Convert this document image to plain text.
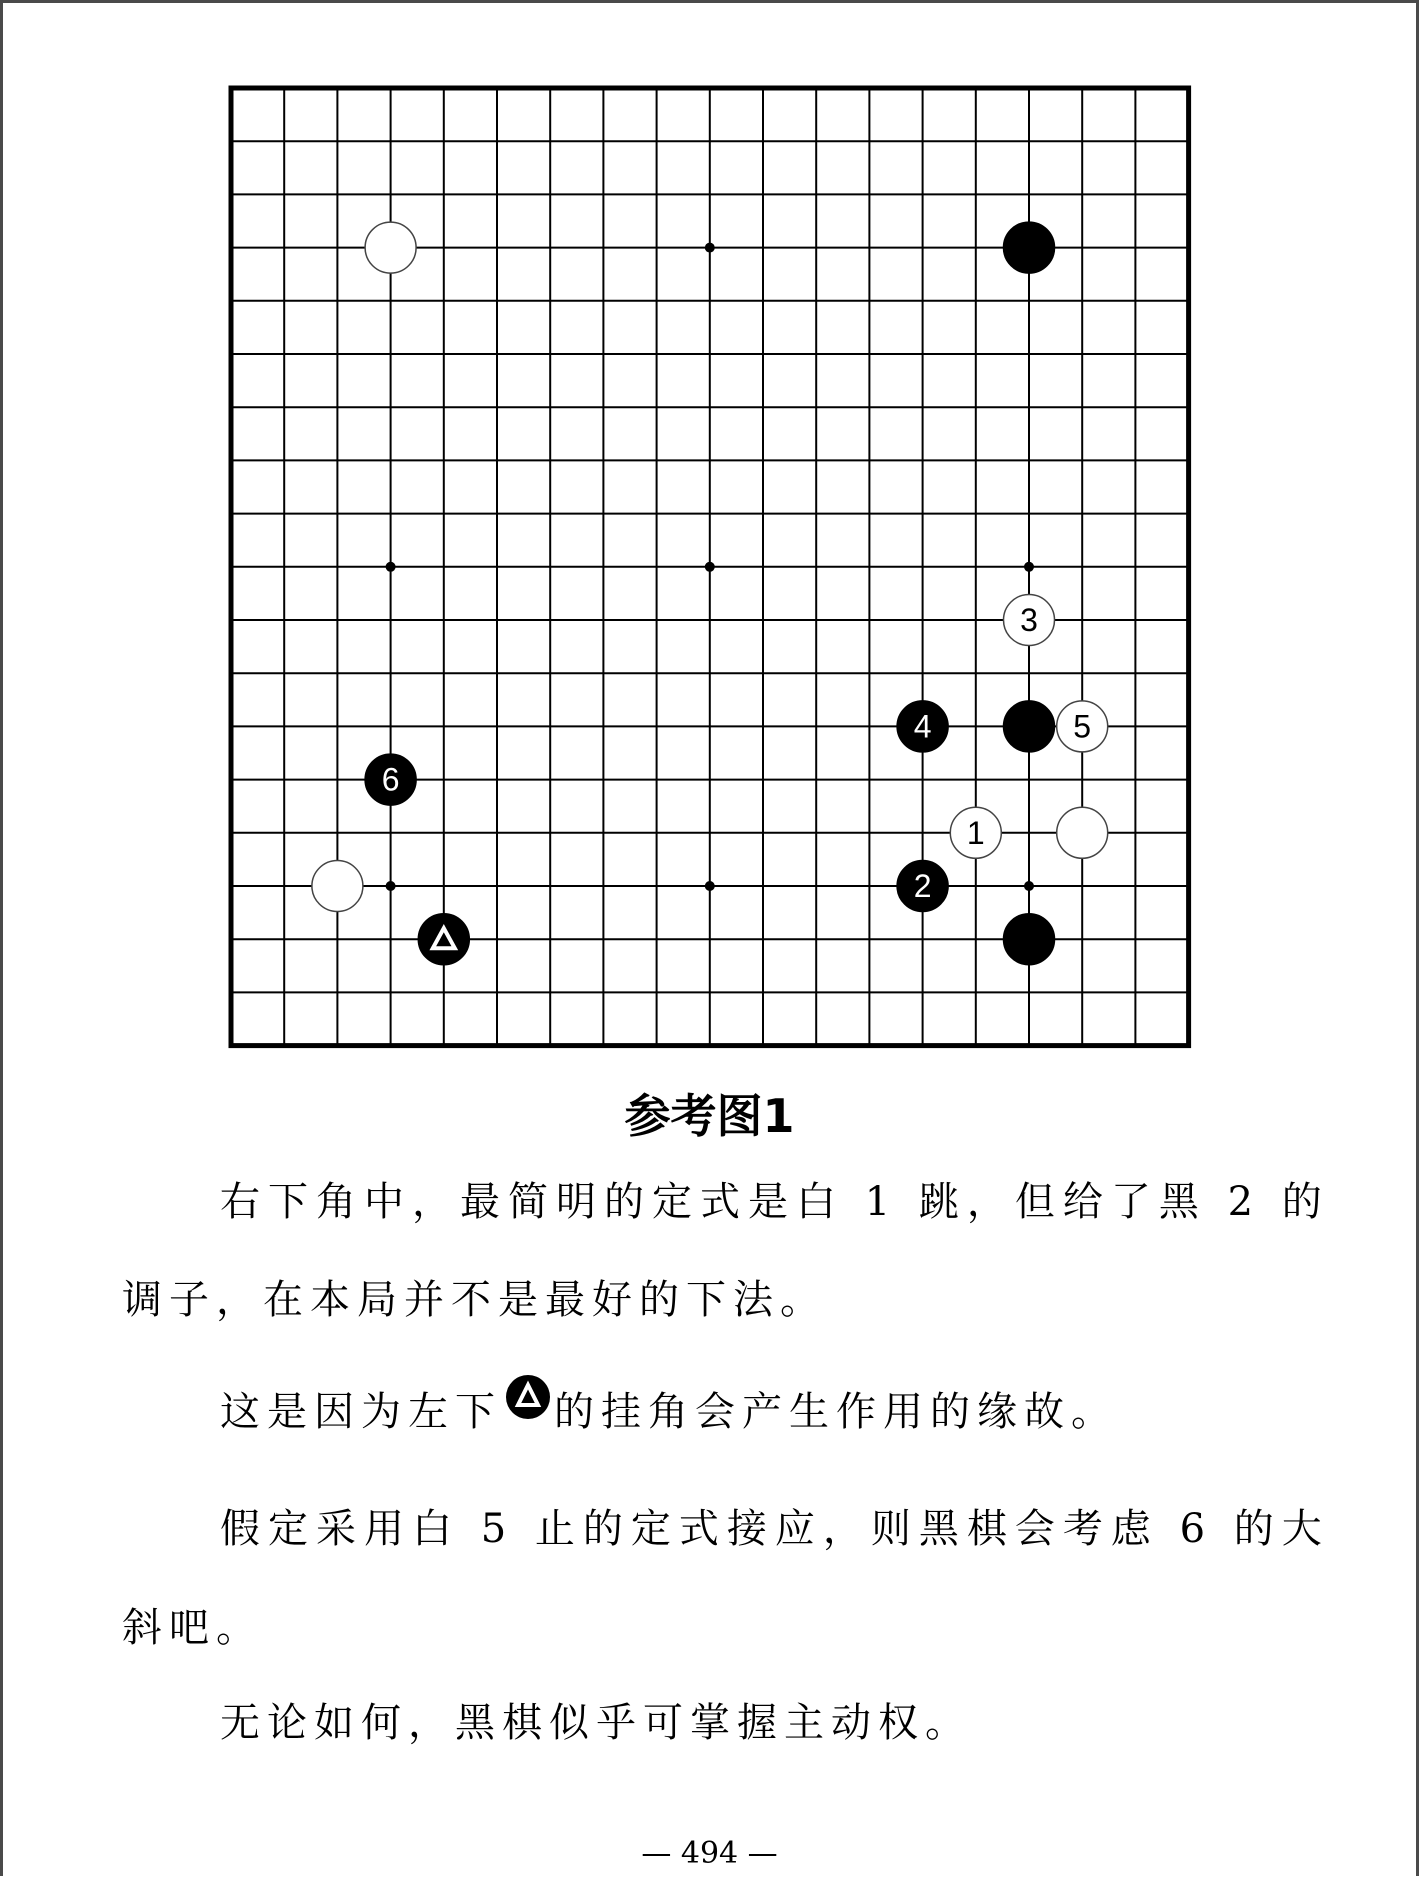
3
4	5
6
1
2
参考图1
右下角中，最简明的定式是白 1 跳，但给了黑 2 的
调子，在本局并不是最好的下法。
这是因为左下 的挂角会产生作用的缘故。
假定采用白 5 止的定式接应，则黑棋会考虑 6 的大
斜吧。
无论如何，黑棋似乎可掌握主动权。
— 494 —
